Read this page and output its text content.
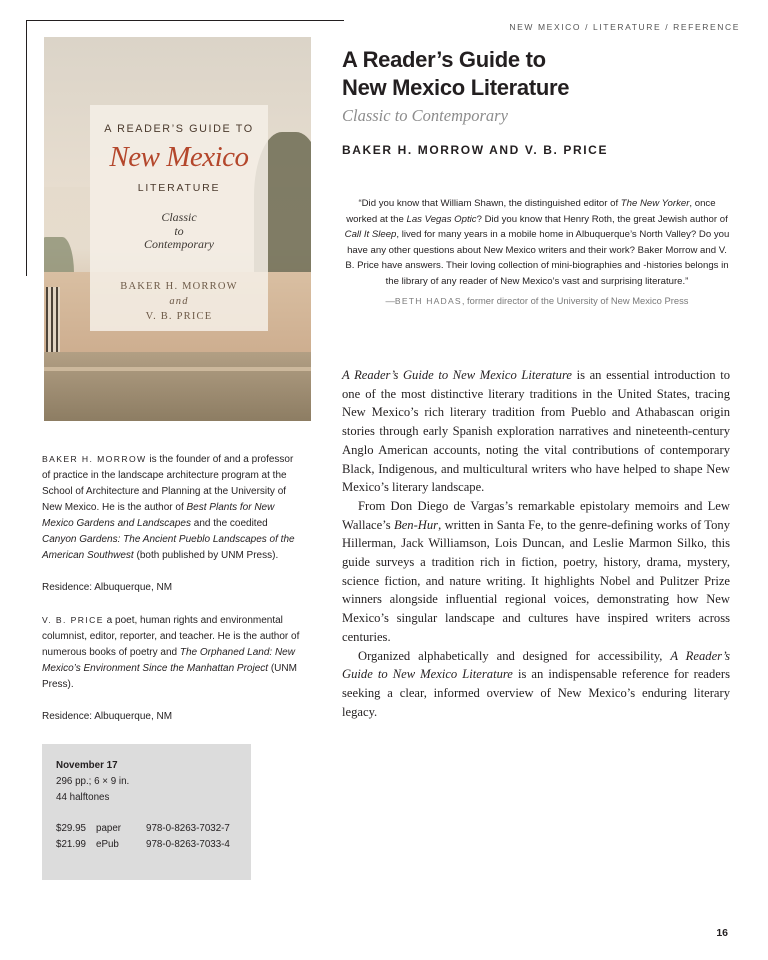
NEW MEXICO / LITERATURE / REFERENCE
A Reader’s Guide to
New Mexico Literature
Classic to Contemporary
BAKER H. MORROW AND V. B. PRICE
A READER’S GUIDE TO
New Mexico
LITERATURE
Classic
to
Contemporary
BAKER H. MORROW
and
V. B. PRICE

“Did you know that William Shawn, the distinguished editor of The New Yorker, once worked at the Las Vegas Optic? Did you know that Henry Roth, the great Jewish author of Call It Sleep, lived for many years in a mobile home in Albuquerque’s North Valley? Do you have any other questions about New Mexico writers and their work? Baker Morrow and V. B. Price have answers. Their loving collection of mini-biographies and -histories belongs in the library of any reader of New Mexico’s vast and surprising literature.”

—BETH HADAS, former director of the University of New Mexico Press

A Reader’s Guide to New Mexico Literature is an essential introduction to one of the most distinctive literary traditions in the United States, tracing New Mexico’s rich literary tradition from Pueblo and Athabascan origin stories through early Spanish exploration narratives and nineteenth-century Anglo American accounts, noting the vital contributions of contemporary Black, Indigenous, and multicultural writers who have helped to shape New Mexico’s literary landscape.

From Don Diego de Vargas’s remarkable epistolary memoirs and Lew Wallace’s Ben-Hur, written in Santa Fe, to the genre-defining works of Tony Hillerman, Jack Williamson, Lois Duncan, and Leslie Marmon Silko, this guide surveys a tradition rich in fiction, poetry, history, drama, mystery, science fiction, and nature writing. It highlights Nobel and Pulitzer Prize winners alongside influential regional voices, demonstrating how New Mexico’s singular landscape and cultures have inspired writers across centuries.

Organized alphabetically and designed for accessibility, A Reader’s Guide to New Mexico Literature is an indispensable reference for readers seeking a clear, informed overview of New Mexico’s enduring literary legacy.

BAKER H. MORROW is the founder of and a professor of practice in the landscape architecture program at the School of Architecture and Planning at the University of New Mexico. He is the author of Best Plants for New Mexico Gardens and Landscapes and the coedited Canyon Gardens: The Ancient Pueblo Landscapes of the American Southwest (both published by UNM Press).

Residence: Albuquerque, NM

V. B. PRICE a poet, human rights and environmental columnist, editor, reporter, and teacher. He is the author of numerous books of poetry and The Orphaned Land: New Mexico’s Environment Since the Manhattan Project (UNM Press).

Residence: Albuquerque, NM

November 17
296 pp.; 6 × 9 in.
44 halftones
$29.95 paper	978-0-8263-7032-7
$21.99 ePub	978-0-8263-7033-4
16
